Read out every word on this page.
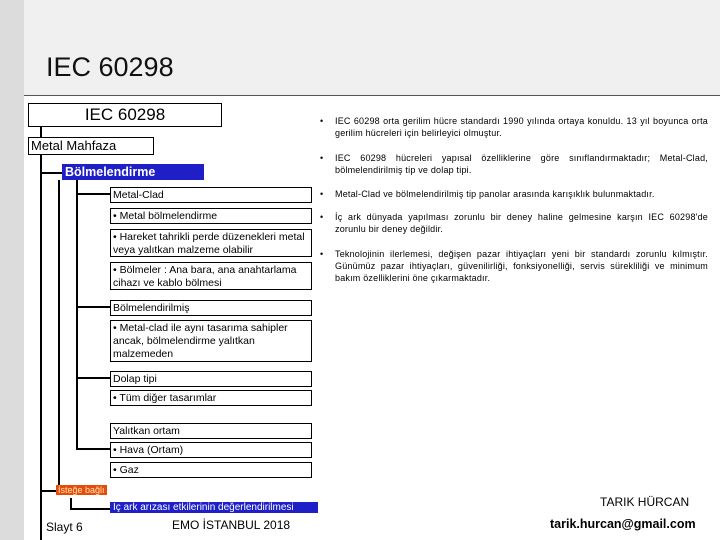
IEC 60298
IEC 60298
Metal Mahfaza
Bölmelendirme
Metal-Clad
• Metal bölmelendirme
• Hareket tahrikli perde düzenekleri metal veya yalıtkan malzeme olabilir
• Bölmeler : Ana bara, ana anahtarlama cihazı ve kablo bölmesi
Bölmelendirilmiş
• Metal-clad ile aynı tasarıma sahipler ancak, bölmelendirme yalıtkan malzemeden
Dolap tipi
• Tüm diğer tasarımlar
Yalıtkan ortam
• Hava (Ortam)
• Gaz
İsteğe bağlı
İç ark arızası etkilerinin değerlendirilmesi
• IEC 60298 orta gerilim hücre standardı 1990 yılında ortaya konuldu. 13 yıl boyunca orta gerilim hücreleri için belirleyici olmuştur.
• IEC 60298 hücreleri yapısal özelliklerine göre sınıflandırmaktadır; Metal-Clad, bölmelendirilmiş tip ve dolap tipi.
• Metal-Clad ve bölmelendirilmiş tip panolar arasında karışıklık bulunmaktadır.
• İç ark dünyada yapılması zorunlu bir deney haline gelmesine karşın IEC 60298'de zorunlu bir deney değildir.
• Teknolojinin ilerlemesi, değişen pazar ihtiyaçları yeni bir standardı zorunlu kılmıştır. Günümüz pazar ihtiyaçları, güvenilirliği, fonksiyonelliği, servis sürekliliği ve minimum bakım özelliklerini öne çıkarmaktadır.
Slayt 6	EMO İSTANBUL 2018
TARIK HÜRCAN
tarik.hurcan@gmail.com
